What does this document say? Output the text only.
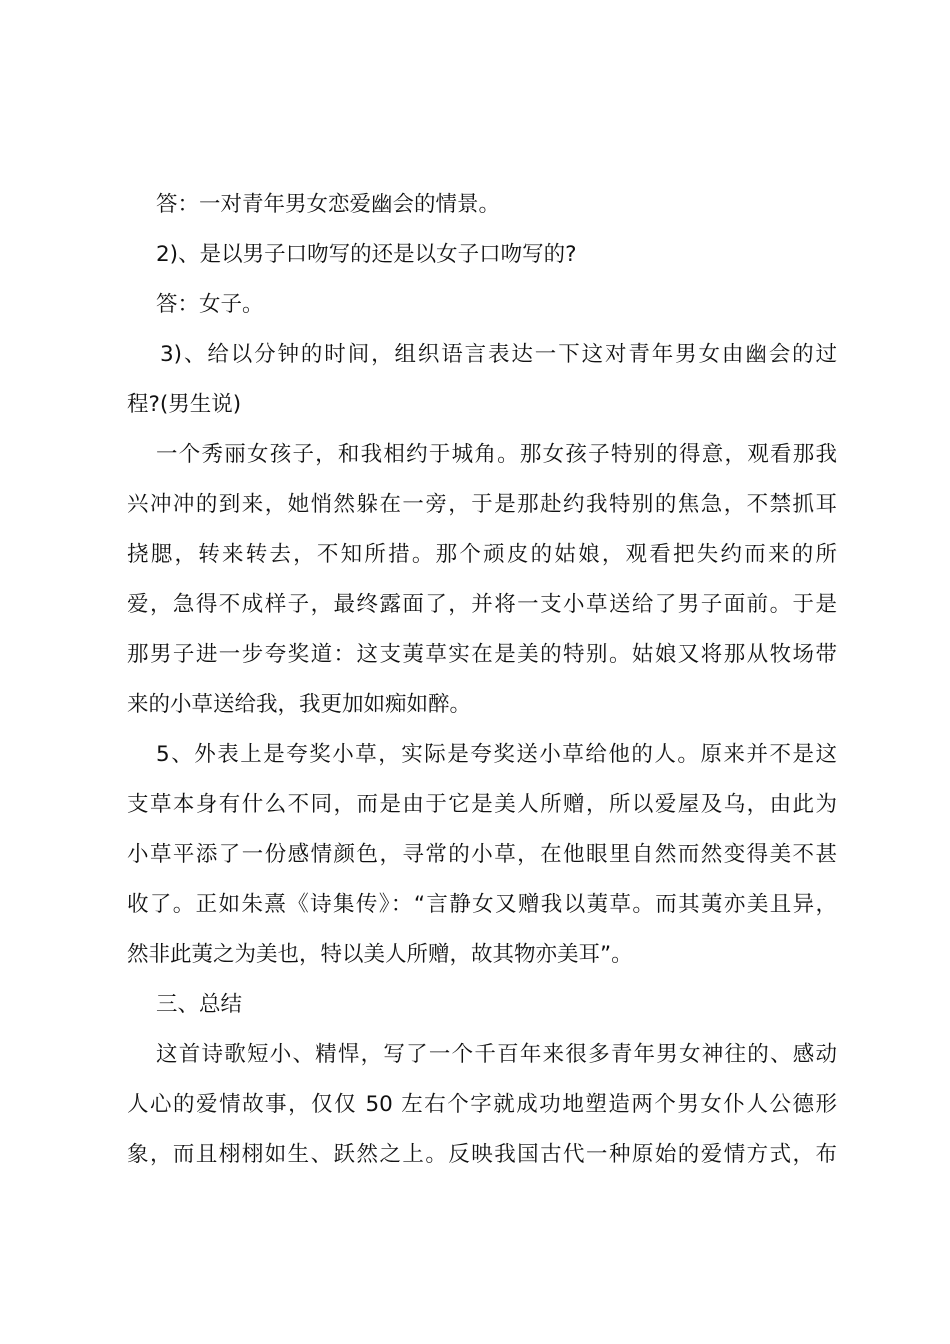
答：一对青年男女恋爱幽会的情景。
2)、是以男子口吻写的还是以女子口吻写的?
答：女子。
3)、给以分钟的时间，组织语言表达一下这对青年男女由幽会的过
程?(男生说)
一个秀丽女孩子，和我相约于城角。那女孩子特别的得意，观看那我
兴冲冲的到来，她悄然躲在一旁，于是那赴约我特别的焦急，不禁抓耳
挠腮，转来转去，不知所措。那个顽皮的姑娘，观看把失约而来的所
爱，急得不成样子，最终露面了，并将一支小草送给了男子面前。于是
那男子进一步夸奖道：这支荑草实在是美的特别。姑娘又将那从牧场带
来的小草送给我，我更加如痴如醉。
5、外表上是夸奖小草，实际是夸奖送小草给他的人。原来并不是这
支草本身有什么不同，而是由于它是美人所赠，所以爱屋及乌，由此为
小草平添了一份感情颜色，寻常的小草，在他眼里自然而然变得美不甚
收了。正如朱熹《诗集传》：“言静女又赠我以荑草。而其荑亦美且异，
然非此荑之为美也，特以美人所赠，故其物亦美耳”。
三、总结
这首诗歌短小、精悍，写了一个千百年来很多青年男女神往的、感动
人心的爱情故事，仅仅 50 左右个字就成功地塑造两个男女仆人公德形
象，而且栩栩如生、跃然之上。反映我国古代一种原始的爱情方式，布
